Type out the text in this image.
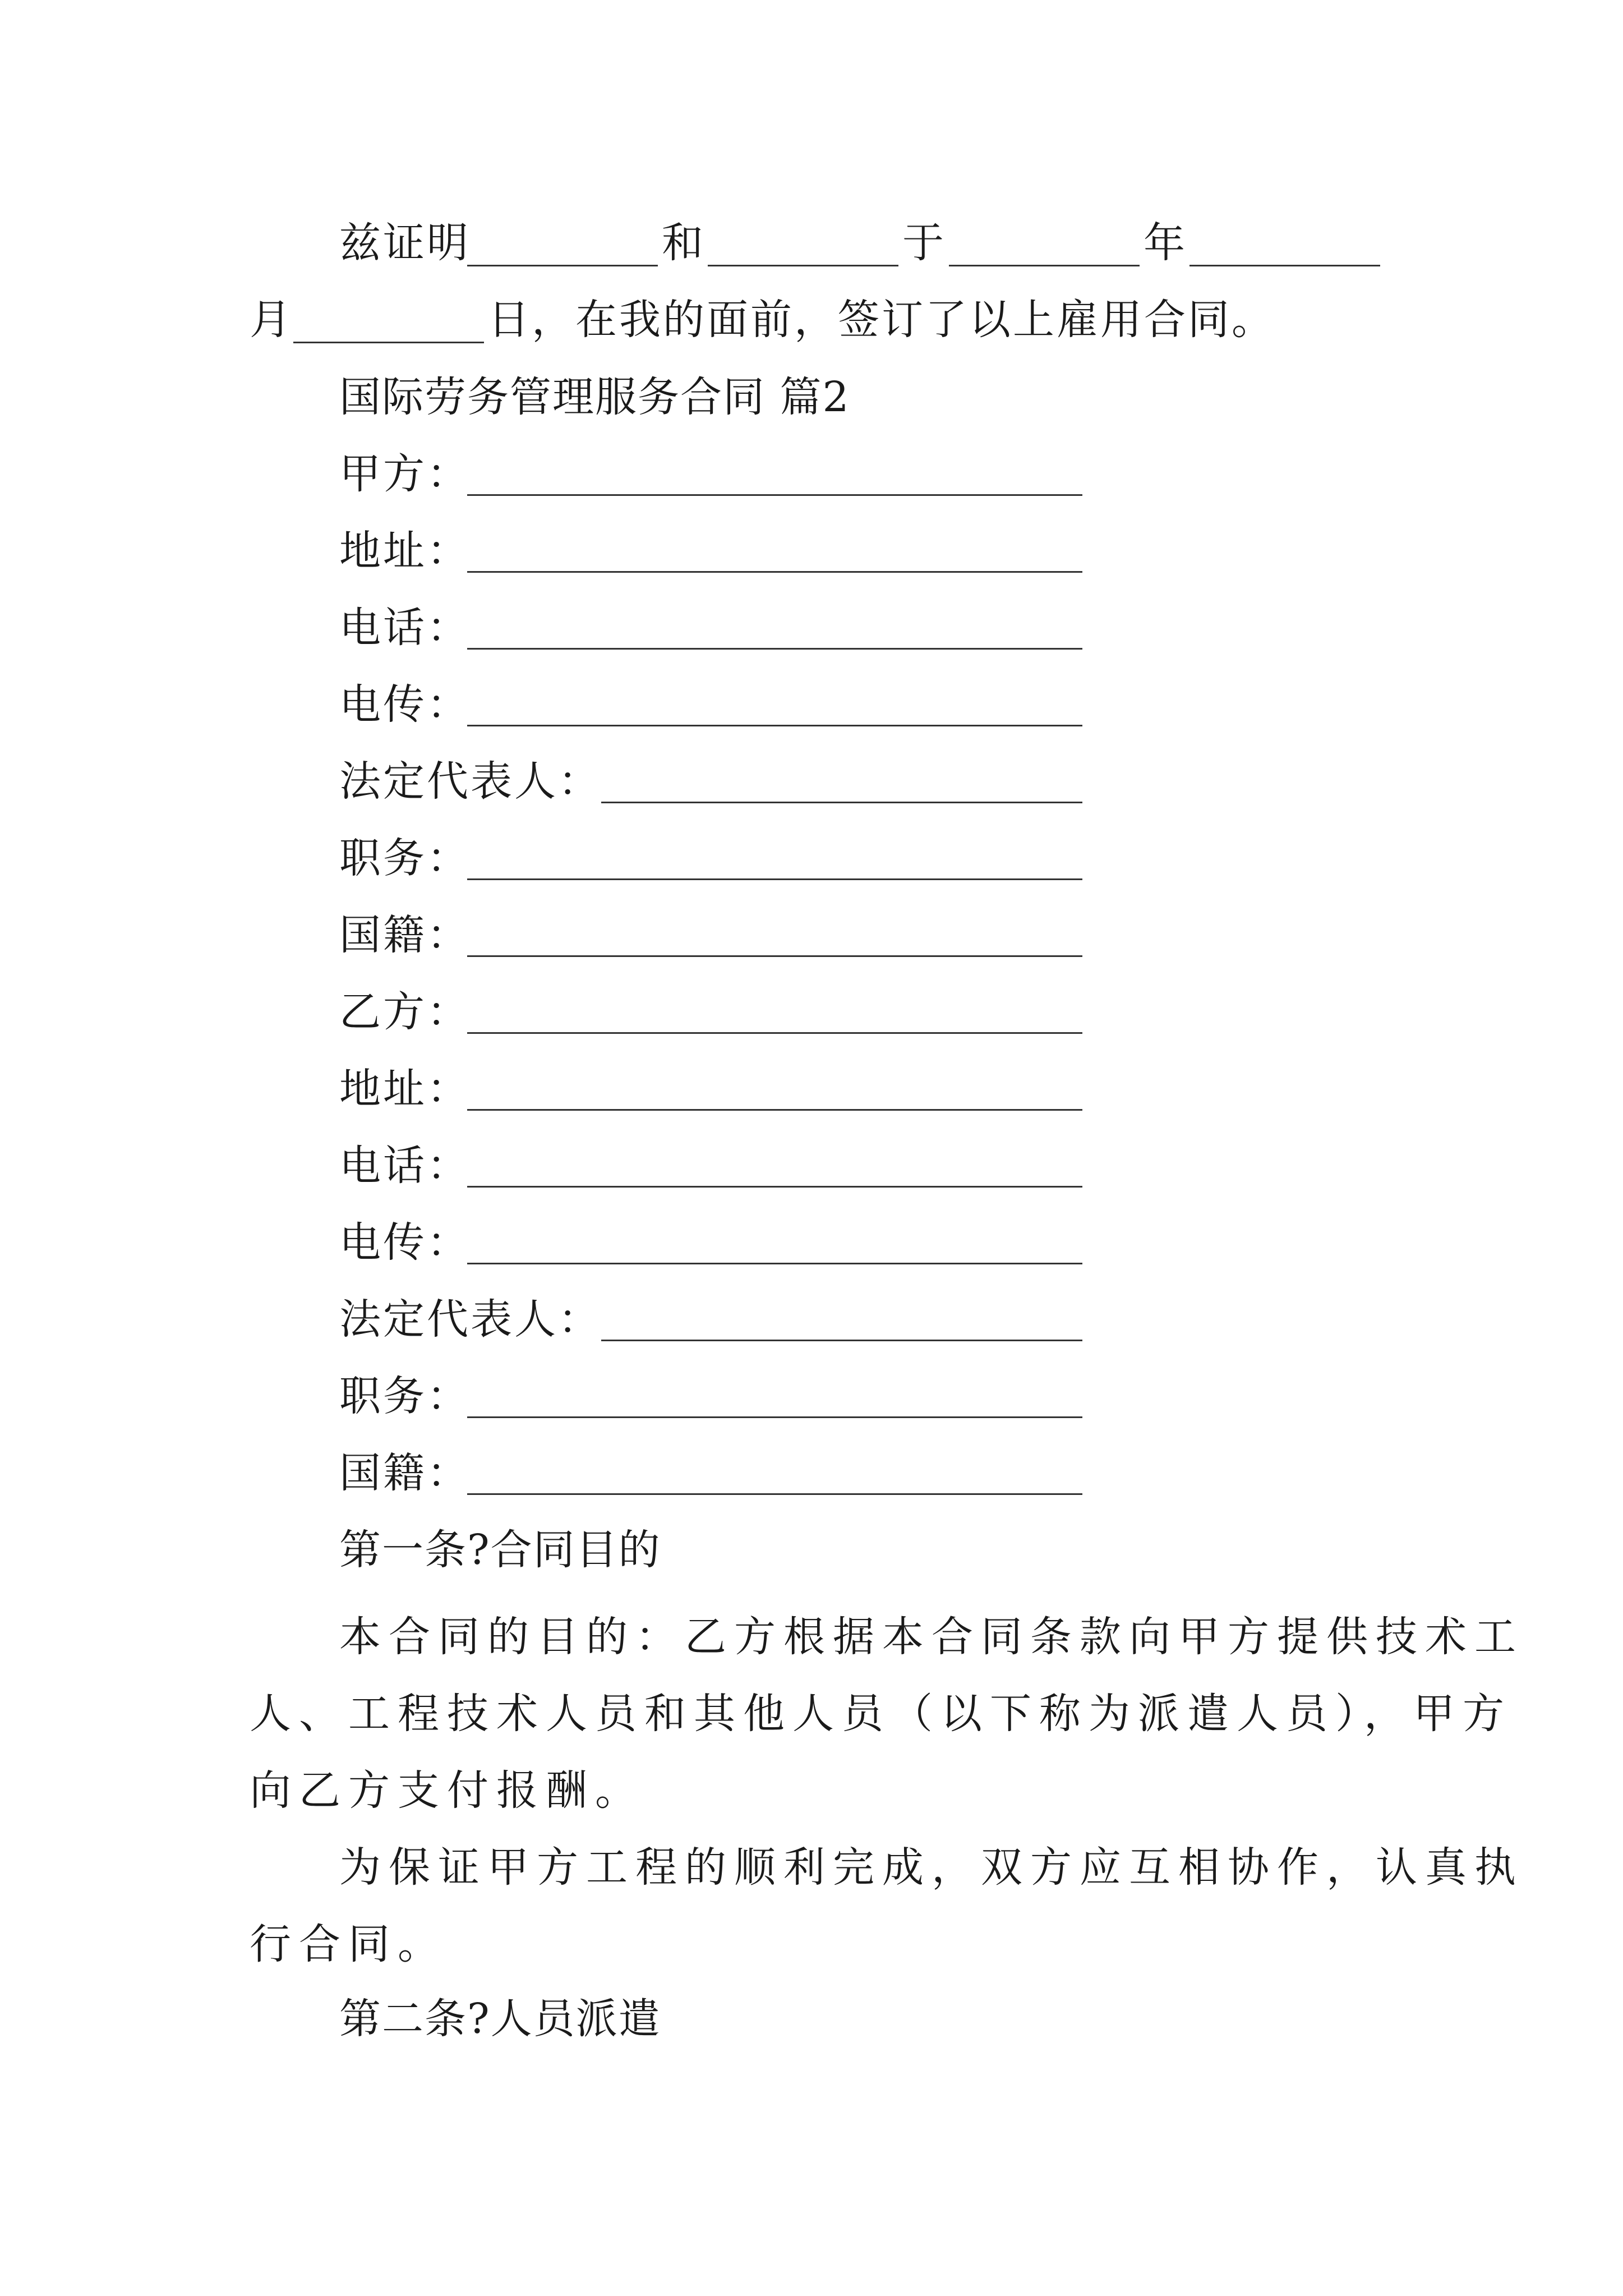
兹证明	和	于	年
月	日，在我的面前，签订了以上雇用合同。
国际劳务管理服务合同 篇2
甲方：
地址：
电话：
电传：
法定代表人：
职务：
国籍：
乙方：
地址：
电话：
电传：
法定代表人：
职务：
国籍：
第一条?合同目的
本合同的目的：乙方根据本合同条款向甲方提供技术工
人、工程技术人员和其他人员（以下称为派遣人员），甲方
向乙方支付报酬。
为保证甲方工程的顺利完成，双方应互相协作，认真执
行合同。
第二条?人员派遣
